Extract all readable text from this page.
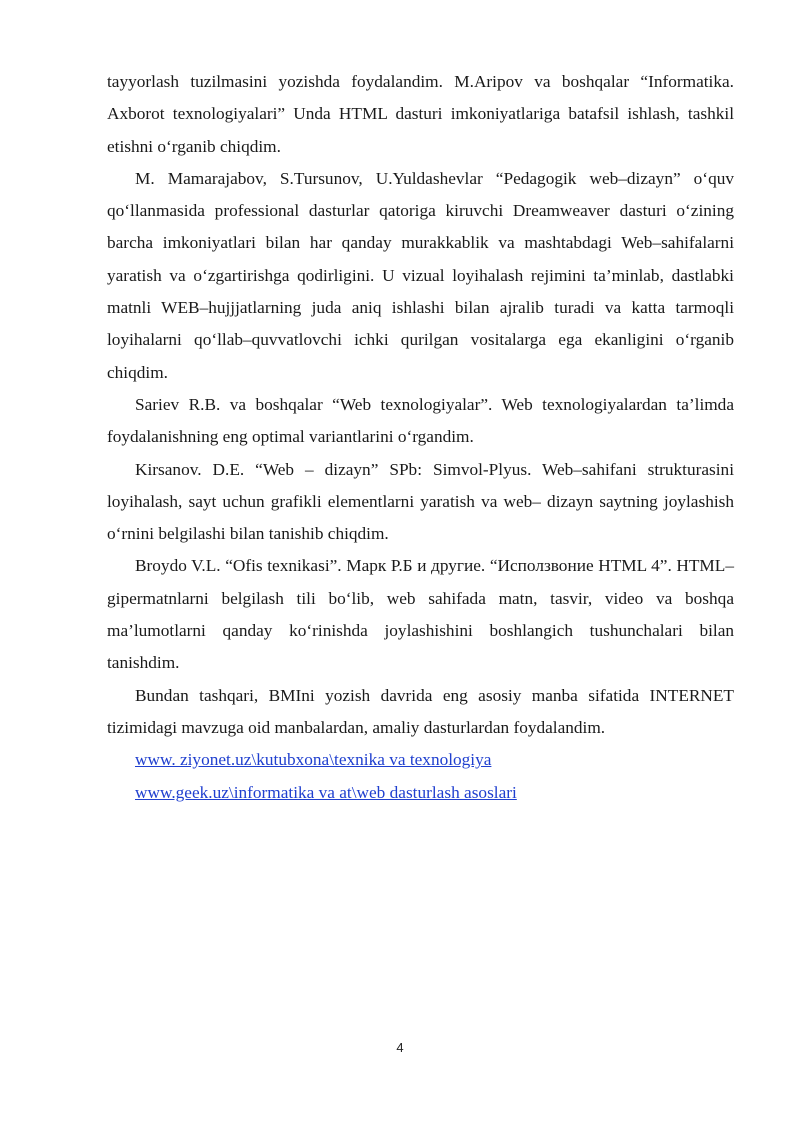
tayyorlash tuzilmasini yozishda foydalandim. M.Aripov va boshqalar “Informatika. Axborot texnologiyalari” Unda HTML dasturi imkoniyatlariga batafsil ishlash, tashkil etishni o‘rganib chiqdim.

M. Mamarajabov, S.Tursunov, U.Yuldashevlar “Pedagogik web–dizayn” o‘quv qo‘llanmasida professional dasturlar qatoriga kiruvchi Dreamweaver dasturi o‘zining barcha imkoniyatlari bilan har qanday murakkablik va mashtabdagi Web–sahifalarni yaratish va o‘zgartirishga qodirligini. U vizual loyihalash rejimini ta’minlab, dastlabki matnli WEB–hujjjatlarning juda aniq ishlashi bilan ajralib turadi va katta tarmoqli loyihalarni qo‘llab–quvvatlovchi ichki qurilgan vositalarga ega ekanligini o‘rganib chiqdim.

Sariev R.B. va boshqalar “Web texnologiyalar”. Web texnologiyalardan ta’limda foydalanishning eng optimal variantlarini o‘rgandim.

Kirsanov. D.E. “Web – dizayn” SPb: Simvol-Plyus. Web–sahifani strukturasini loyihalash, sayt uchun grafikli elementlarni yaratish va web– dizayn saytning joylashish o‘rnini belgilashi bilan tanishib chiqdim.

Broydo V.L. “Ofis texnikasi”. Марк Р.Б и другие. “Исползвоние HTML 4”. HTML–gipermatnlarni belgilash tili bo‘lib, web sahifada matn, tasvir, video va boshqa ma’lumotlarni qanday ko‘rinishda joylashishini boshlangich tushunchalari bilan tanishdim.

Bundan tashqari, BMIni yozish davrida eng asosiy manba sifatida INTERNET tizimidagi mavzuga oid manbalardan, amaliy dasturlardan foydalandim.

www. ziyonet.uz\kutubxona\texnika va texnologiya

www.geek.uz\informatika va at\web dasturlash asoslari

4
